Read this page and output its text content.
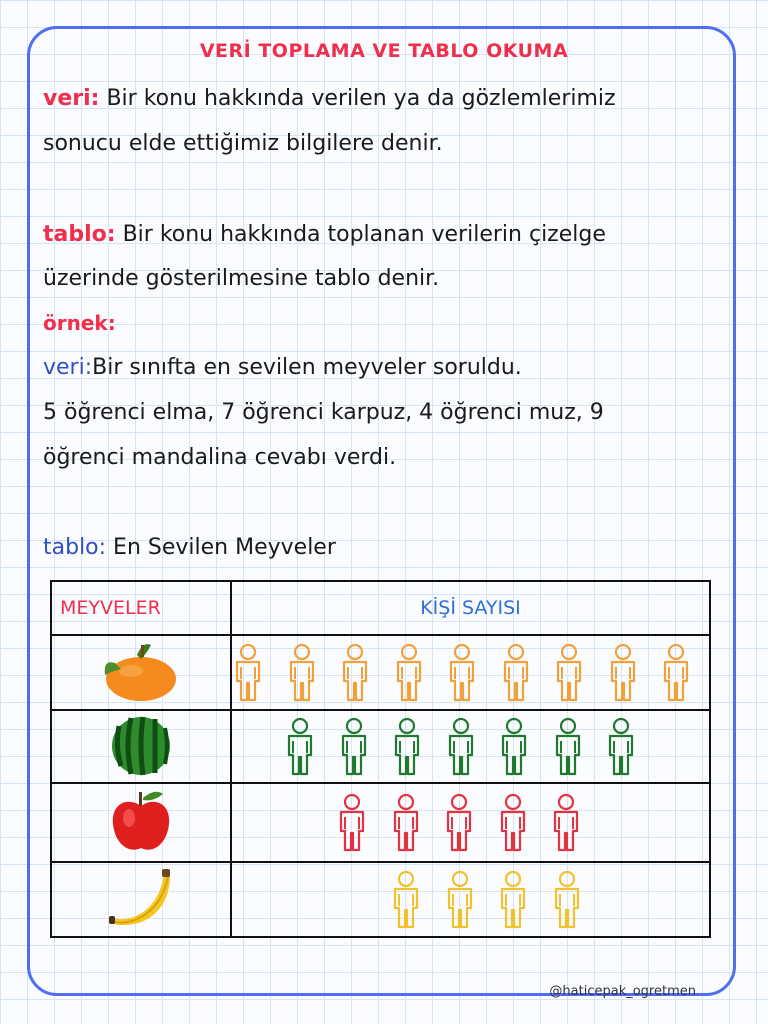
VERİ TOPLAMA VE TABLO OKUMA
veri: Bir konu hakkında verilen ya da gözlemlerimiz
sonucu elde ettiğimiz bilgilere denir.
tablo: Bir konu hakkında toplanan verilerin çizelge
üzerinde gösterilmesine tablo denir.
örnek:
veri:Bir sınıfta en sevilen meyveler soruldu.
5 öğrenci elma, 7 öğrenci karpuz, 4 öğrenci muz, 9
öğrenci mandalina cevabı verdi.
tablo: En Sevilen Meyveler
MEYVELER	KİŞİ SAYISI

@haticepak_ogretmen
